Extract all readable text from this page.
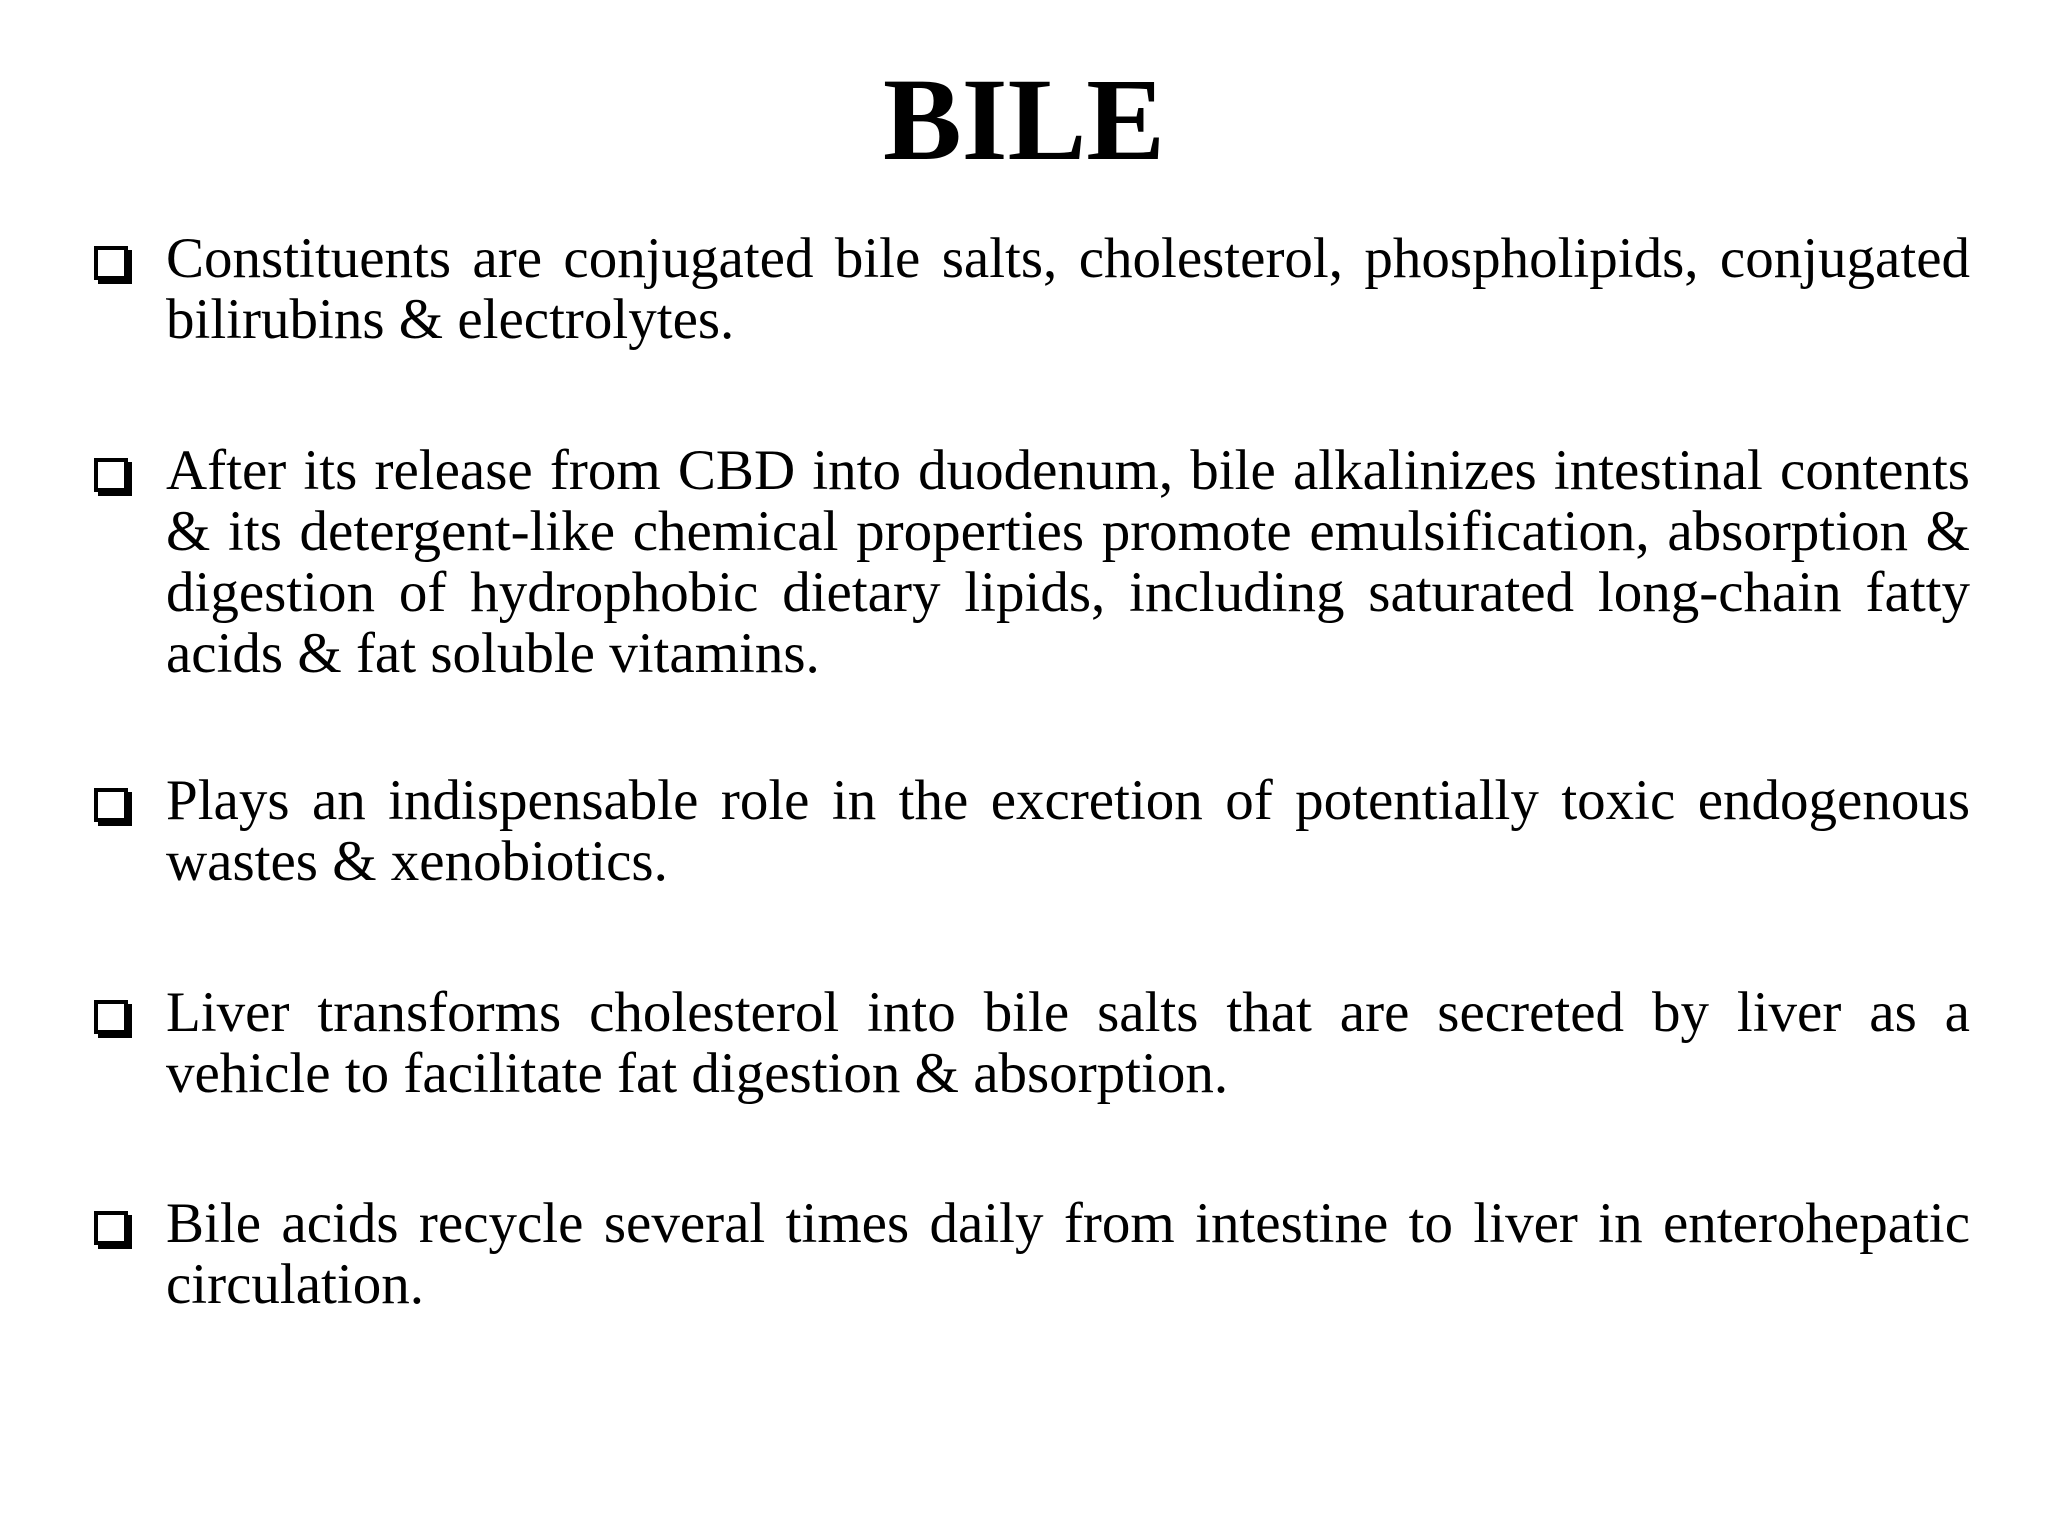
BILE

Constituents are conjugated bile salts, cholesterol, phospholipids, conjugated bilirubins & electrolytes.

After its release from CBD into duodenum, bile alkalinizes intestinal contents & its detergent-like chemical properties promote emulsification, absorption & digestion of hydrophobic dietary lipids, including saturated long-chain fatty acids & fat soluble vitamins.

Plays an indispensable role in the excretion of potentially toxic endogenous wastes & xenobiotics.

Liver transforms cholesterol into bile salts that are secreted by liver as a vehicle to facilitate fat digestion & absorption.

Bile acids recycle several times daily from intestine to liver in enterohepatic circulation.
